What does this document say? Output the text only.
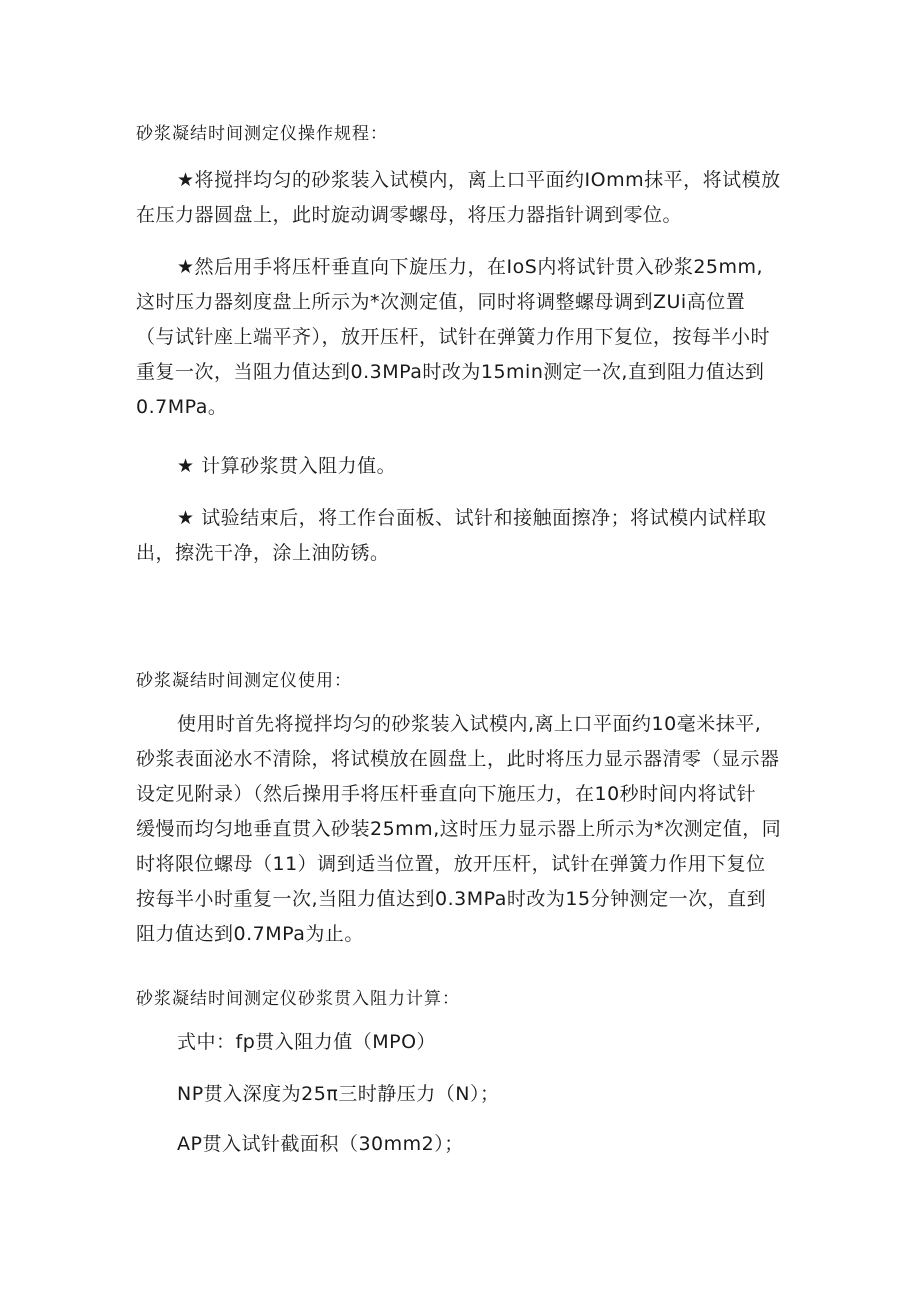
砂浆凝结时间测定仪操作规程：
★将搅拌均匀的砂浆装入试模内，离上口平面约IOmm抹平，将试模放
在压力器圆盘上，此时旋动调零螺母，将压力器指针调到零位。
★然后用手将压杆垂直向下旋压力，在IoS内将试针贯入砂浆25mm,
这时压力器刻度盘上所示为*次测定值，同时将调整螺母调到ZUi高位置
（与试针座上端平齐），放开压杆，试针在弹簧力作用下复位，按每半小时
重复一次，当阻力值达到0.3MPa时改为15min测定一次,直到阻力值达到
0.7MPa。
★ 计算砂浆贯入阻力值。
★ 试验结束后，将工作台面板、试针和接触面擦净；将试模内试样取
出，擦洗干净，涂上油防锈。
砂浆凝结时间测定仪使用：
使用时首先将搅拌均匀的砂浆装入试模内,离上口平面约10毫米抹平,
砂浆表面泌水不清除，将试模放在圆盘上，此时将压力显示器清零（显示器
设定见附录）（然后操用手将压杆垂直向下施压力，在10秒时间内将试针
缓慢而均匀地垂直贯入砂装25mm,这时压力显示器上所示为*次测定值，同
时将限位螺母（11）调到适当位置，放开压杆，试针在弹簧力作用下复位
按每半小时重复一次,当阻力值达到0.3MPa时改为15分钟测定一次，直到
阻力值达到0.7MPa为止。
砂浆凝结时间测定仪砂浆贯入阻力计算：
式中：fp贯入阻力值（MPO）
NP贯入深度为25π三时静压力（N）；
AP贯入试针截面积（30mm2）；
